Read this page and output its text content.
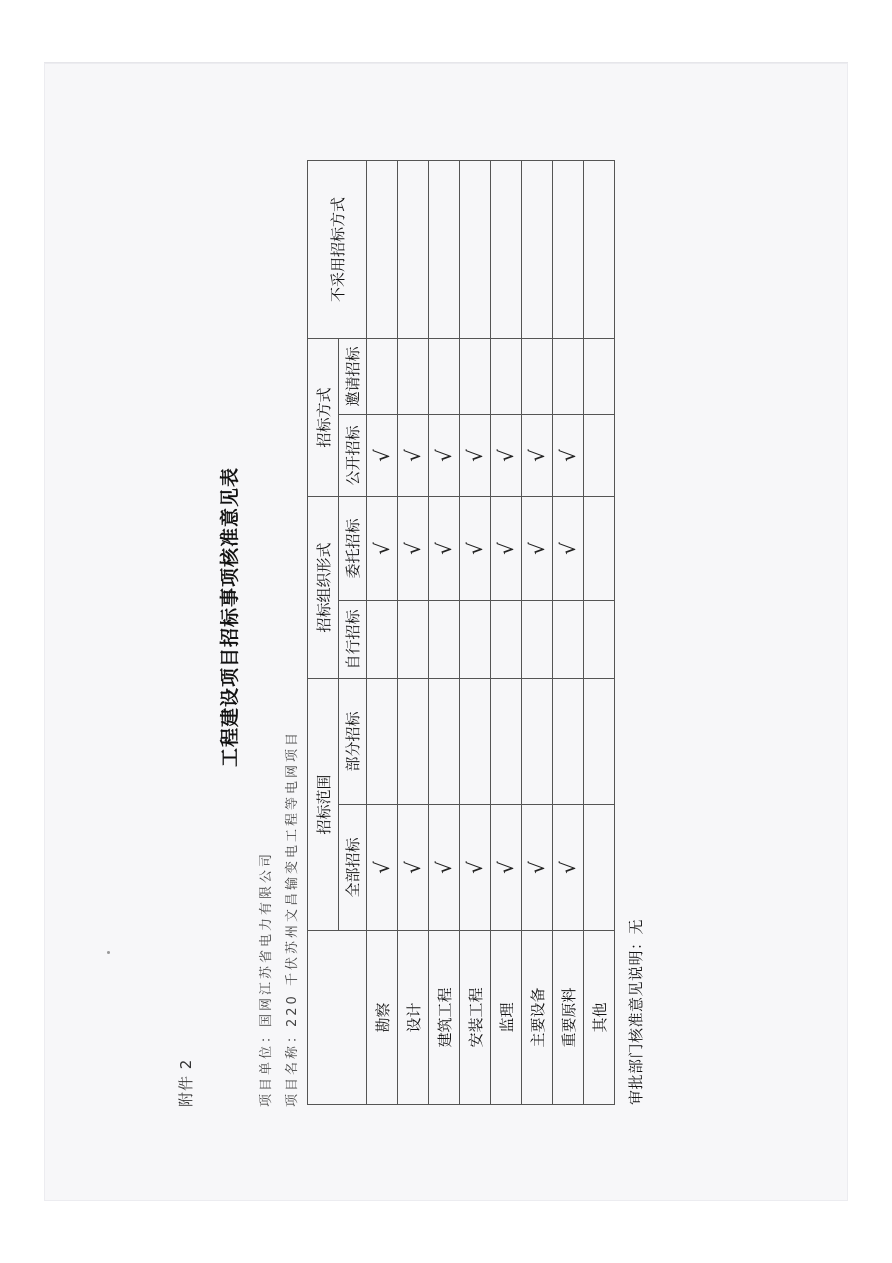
附件 2
工程建设项目招标事项核准意见表
项目单位：国网江苏省电力有限公司 项目名称：220 千伏苏州文昌输变电工程等电网项目
	招标范围		招标组织形式		招标方式		不采用招标方式
	全部招标	部分招标	自行招标	委托招标	公开招标	邀请招标	
勘察	√			√	√		
设计	√			√	√		
建筑工程	√			√	√		
安装工程	√			√	√		
监理	√			√	√		
主要设备	√			√	√		
重要原料	√			√	√		
其他							审批部门核准意见说明：无
